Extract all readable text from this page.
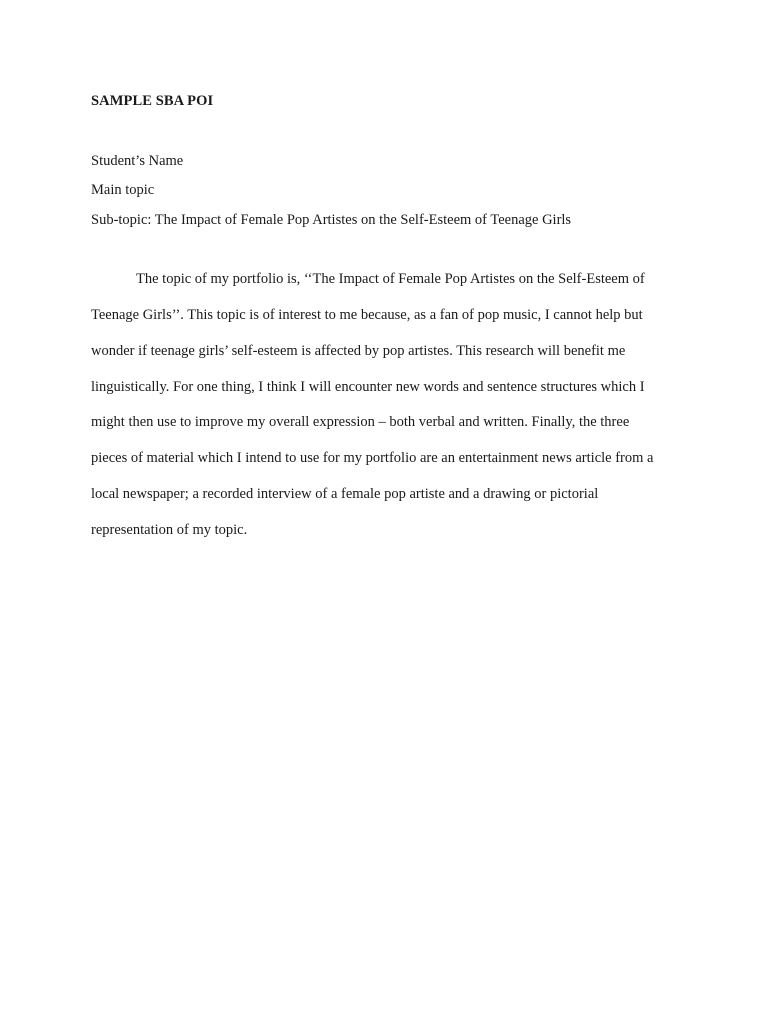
SAMPLE SBA POI
Student’s Name
Main topic
Sub-topic: The Impact of Female Pop Artistes on the Self-Esteem of Teenage Girls
The topic of my portfolio is, ‘‘The Impact of Female Pop Artistes on the Self-Esteem of
Teenage Girls’’. This topic is of interest to me because, as a fan of pop music, I cannot help but
wonder if teenage girls’ self-esteem is affected by pop artistes. This research will benefit me
linguistically. For one thing, I think I will encounter new words and sentence structures which I
might then use to improve my overall expression – both verbal and written. Finally, the three
pieces of material which I intend to use for my portfolio are an entertainment news article from a
local newspaper; a recorded interview of a female pop artiste and a drawing or pictorial
representation of my topic.
